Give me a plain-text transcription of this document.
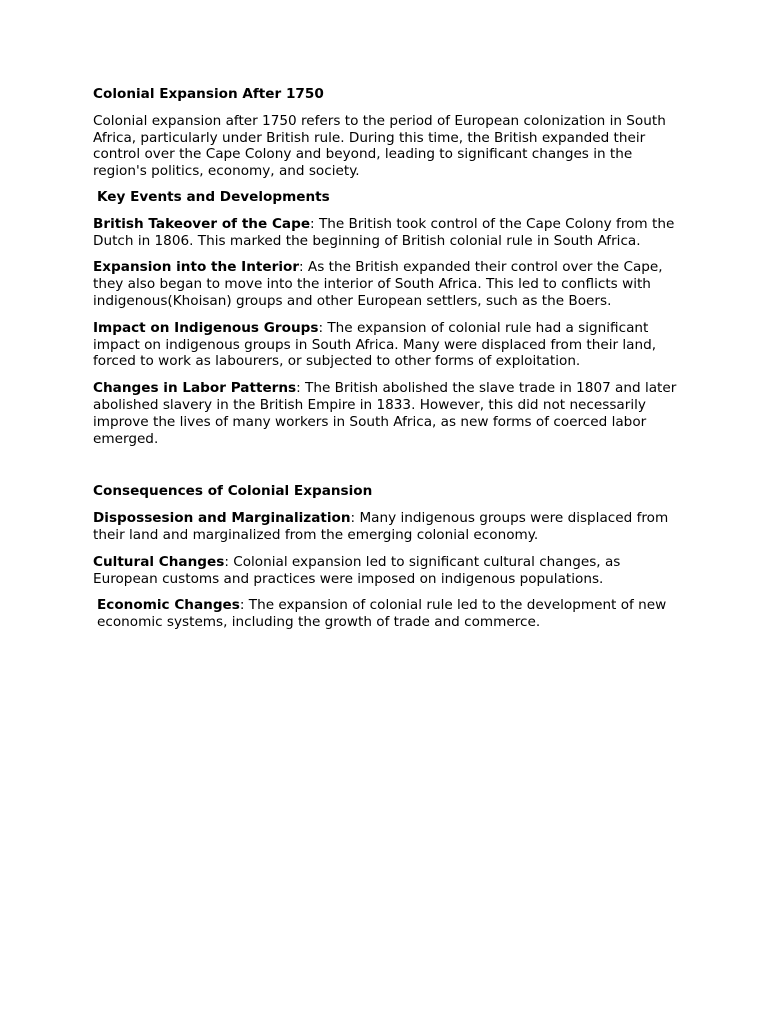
Colonial Expansion After 1750

Colonial expansion after 1750 refers to the period of European colonization in South Africa, particularly under British rule. During this time, the British expanded their control over the Cape Colony and beyond, leading to significant changes in the region's politics, economy, and society.

Key Events and Developments

British Takeover of the Cape: The British took control of the Cape Colony from the Dutch in 1806. This marked the beginning of British colonial rule in South Africa.

Expansion into the Interior: As the British expanded their control over the Cape, they also began to move into the interior of South Africa. This led to conflicts with indigenous(Khoisan) groups and other European settlers, such as the Boers.

Impact on Indigenous Groups: The expansion of colonial rule had a significant impact on indigenous groups in South Africa. Many were displaced from their land, forced to work as labourers, or subjected to other forms of exploitation.

Changes in Labor Patterns: The British abolished the slave trade in 1807 and later abolished slavery in the British Empire in 1833. However, this did not necessarily improve the lives of many workers in South Africa, as new forms of coerced labor emerged.

Consequences of Colonial Expansion

Dispossesion and Marginalization: Many indigenous groups were displaced from their land and marginalized from the emerging colonial economy.

Cultural Changes: Colonial expansion led to significant cultural changes, as European customs and practices were imposed on indigenous populations.

Economic Changes: The expansion of colonial rule led to the development of new economic systems, including the growth of trade and commerce.
